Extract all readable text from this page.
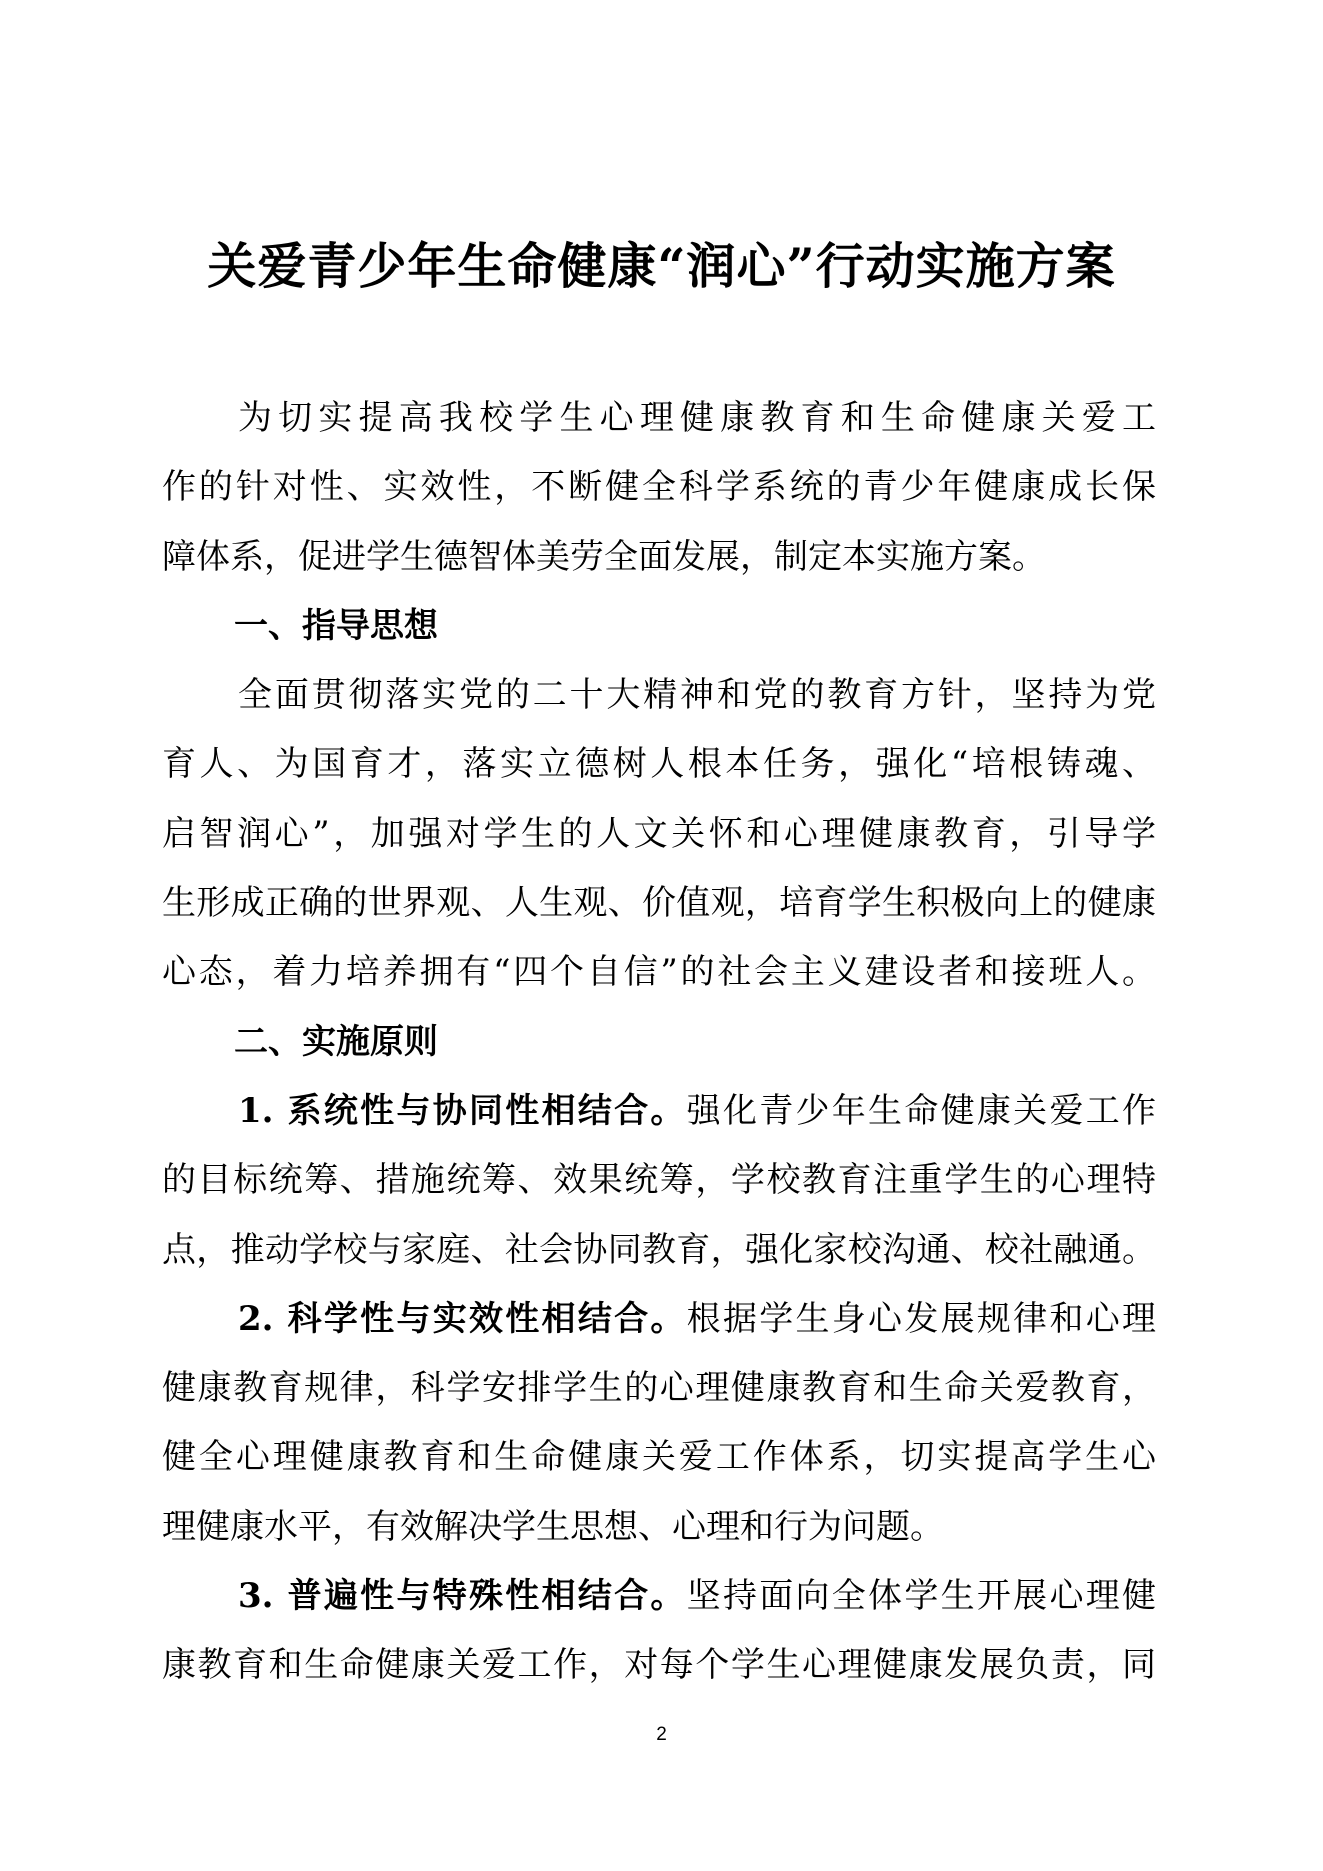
关爱青少年生命健康“润心”行动实施方案
为切实提高我校学生心理健康教育和生命健康关爱工
作的针对性、实效性，不断健全科学系统的青少年健康成长保
障体系，促进学生德智体美劳全面发展，制定本实施方案。
一、指导思想
全面贯彻落实党的二十大精神和党的教育方针，坚持为党
育人、为国育才，落实立德树人根本任务，强化“培根铸魂、
启智润心”，加强对学生的人文关怀和心理健康教育，引导学
生形成正确的世界观、人生观、价值观，培育学生积极向上的健康
心态，着力培养拥有“四个自信”的社会主义建设者和接班人。
二、实施原则
1. 系统性与协同性相结合。强化青少年生命健康关爱工作
的目标统筹、措施统筹、效果统筹，学校教育注重学生的心理特
点，推动学校与家庭、社会协同教育，强化家校沟通、校社融通。
2. 科学性与实效性相结合。根据学生身心发展规律和心理
健康教育规律，科学安排学生的心理健康教育和生命关爱教育，
健全心理健康教育和生命健康关爱工作体系，切实提高学生心
理健康水平，有效解决学生思想、心理和行为问题。
3. 普遍性与特殊性相结合。坚持面向全体学生开展心理健
康教育和生命健康关爱工作，对每个学生心理健康发展负责，同
2
